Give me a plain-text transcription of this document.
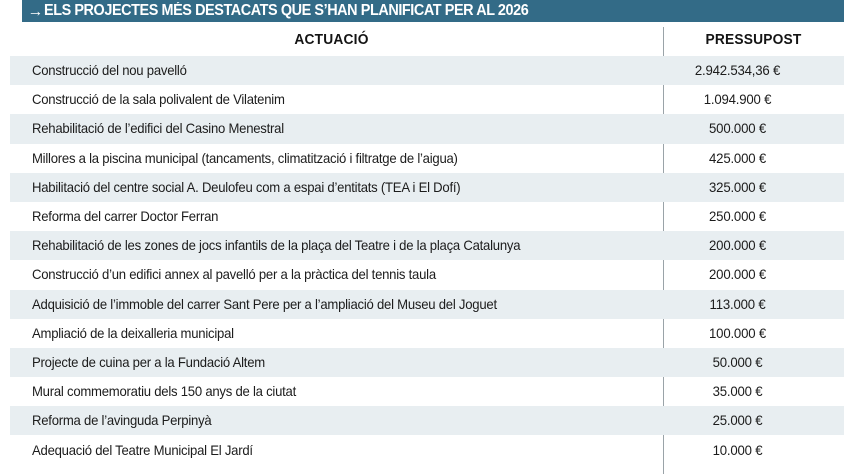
→ ELS PROJECTES MÉS DESTACATS QUE S’HAN PLANIFICAT PER AL 2026
ACTUACIÓ	PRESSUPOST
Construcció del nou pavelló	2.942.534,36 €
Construcció de la sala polivalent de Vilatenim	1.094.900 €
Rehabilitació de l’edifici del Casino Menestral	500.000 €
Millores a la piscina municipal (tancaments, climatització i filtratge de l’aigua)	425.000 €
Habilitació del centre social A. Deulofeu com a espai d’entitats (TEA i El Dofí)	325.000 €
Reforma del carrer Doctor Ferran	250.000 €
Rehabilitació de les zones de jocs infantils de la plaça del Teatre i de la plaça Catalunya	200.000 €
Construcció d’un edifici annex al pavelló per a la pràctica del tennis taula	200.000 €
Adquisició de l’immoble del carrer Sant Pere per a l’ampliació del Museu del Joguet	113.000 €
Ampliació de la deixalleria municipal	100.000 €
Projecte de cuina per a la Fundació Altem	50.000 €
Mural commemoratiu dels 150 anys de la ciutat	35.000 €
Reforma de l’avinguda Perpinyà	25.000 €
Adequació del Teatre Municipal El Jardí	10.000 €
